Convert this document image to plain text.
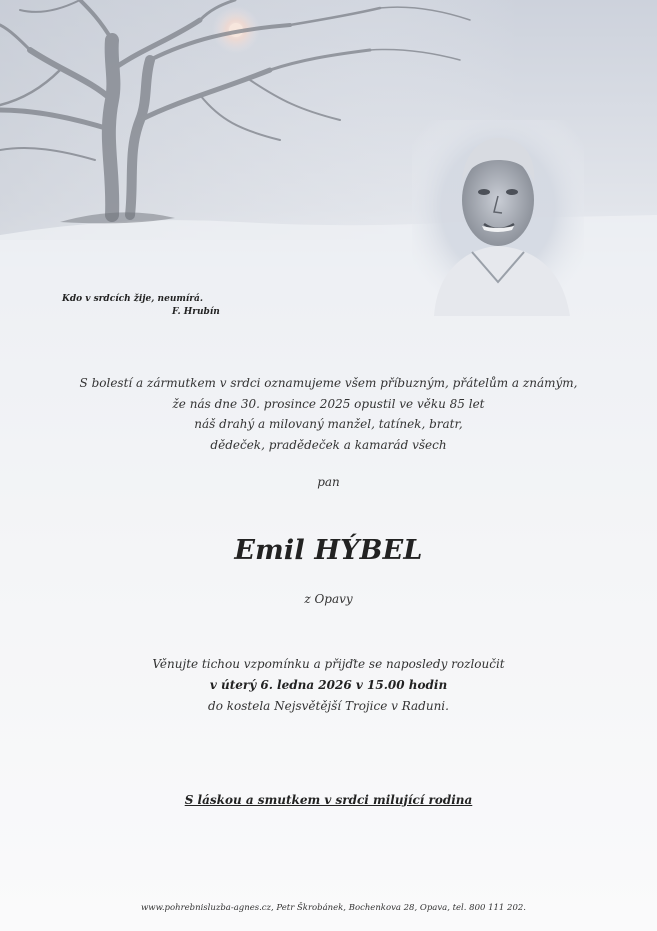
Kdo v srdcích žije, neumírá.
F. Hrubín
S bolestí a zármutkem v srdci oznamujeme všem příbuzným, přátelům a známým,
že nás dne 30. prosince 2025 opustil ve věku 85 let
náš drahý a milovaný manžel, tatínek, bratr,
dědeček, pradědeček a kamarád všech
pan
Emil HÝBEL
z Opavy
Věnujte tichou vzpomínku a přijďte se naposledy rozloučit
v úterý 6. ledna 2026 v 15.00 hodin
do kostela Nejsvětější Trojice v Raduni.
S láskou a smutkem v srdci milující rodina
www.pohrebnisluzba-agnes.cz, Petr Škrobánek, Bochenkova 28, Opava, tel. 800 111 202.
